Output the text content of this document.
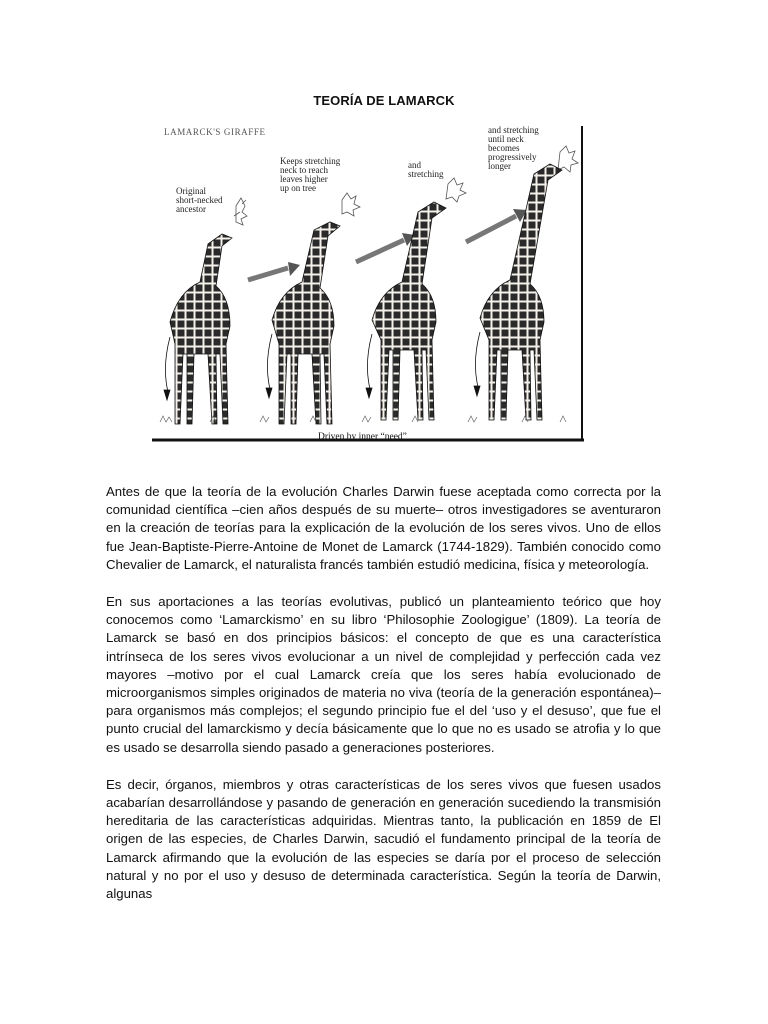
TEORÍA DE LAMARCK
LAMARCK'S GIRAFFE
Original short-necked ancestor
Keeps stretching neck to reach leaves higher up on tree
and stretching
and stretching until neck becomes progressively longer
Driven by inner “need”

Antes de que la teoría de la evolución Charles Darwin fuese aceptada como correcta por la comunidad científica –cien años después de su muerte– otros investigadores se aventuraron en la creación de teorías para la explicación de la evolución de los seres vivos. Uno de ellos fue Jean-Baptiste-Pierre-Antoine de Monet de Lamarck (1744-1829). También conocido como Chevalier de Lamarck, el naturalista francés también estudió medicina, física y meteorología.

En sus aportaciones a las teorías evolutivas, publicó un planteamiento teórico que hoy conocemos como ‘Lamarckismo’ en su libro ‘Philosophie Zoologigue’ (1809). La teoría de Lamarck se basó en dos principios básicos: el concepto de que es una característica intrínseca de los seres vivos evolucionar a un nivel de complejidad y perfección cada vez mayores –motivo por el cual Lamarck creía que los seres había evolucionado de microorganismos simples originados de materia no viva (teoría de la generación espontánea)– para organismos más complejos; el segundo principio fue el del ‘uso y el desuso’, que fue el punto crucial del lamarckismo y decía básicamente que lo que no es usado se atrofia y lo que es usado se desarrolla siendo pasado a generaciones posteriores.

Es decir, órganos, miembros y otras características de los seres vivos que fuesen usados acabarían desarrollándose y pasando de generación en generación sucediendo la transmisión hereditaria de las características adquiridas. Mientras tanto, la publicación en 1859 de El origen de las especies, de Charles Darwin, sacudió el fundamento principal de la teoría de Lamarck afirmando que la evolución de las especies se daría por el proceso de selección natural y no por el uso y desuso de determinada característica. Según la teoría de Darwin, algunas
